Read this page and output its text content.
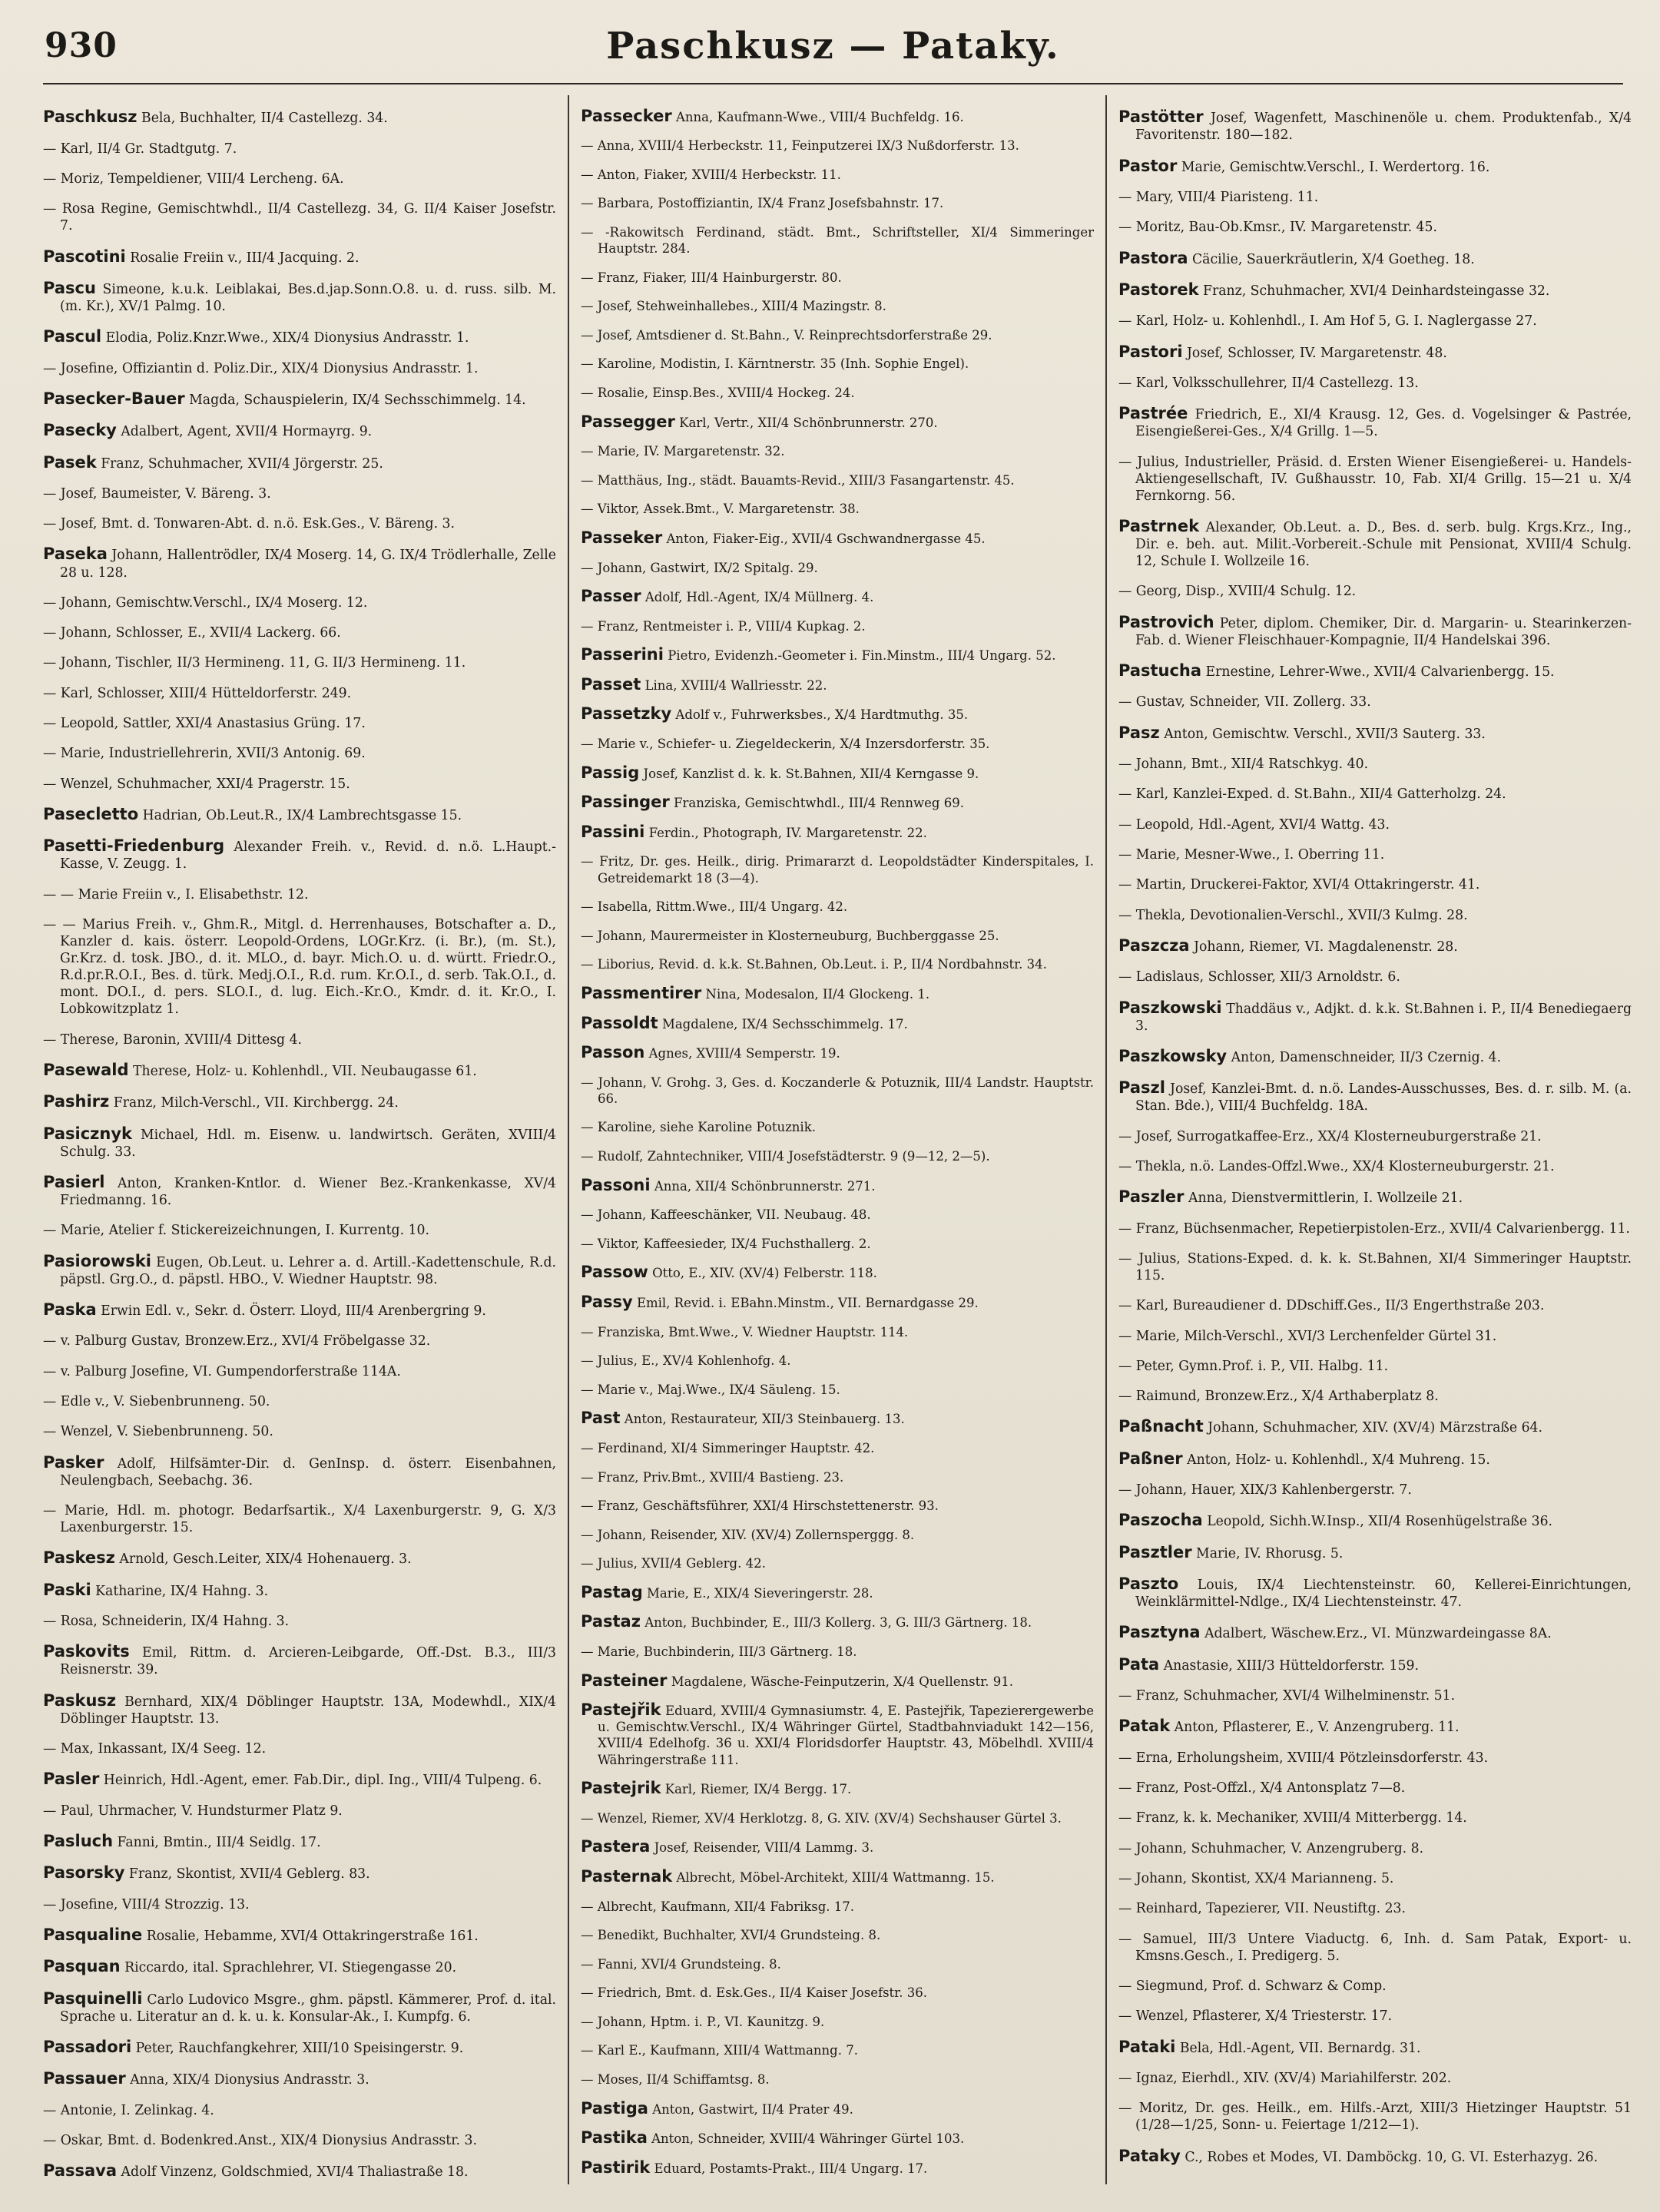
930	Paschkusz — Pataky.

Paschkusz Bela, Buchhalter, II/4 Castellezg. 34.

— Karl, II/4 Gr. Stadtgutg. 7.

— Moriz, Tempeldiener, VIII/4 Lercheng. 6A.

— Rosa Regine, Gemischtwhdl., II/4 Castellezg. 34, G. II/4 Kaiser Josefstr. 7.

Pascotini Rosalie Freiin v., III/4 Jacquing. 2.

Pascu Simeone, k.u.k. Leiblakai, Bes.d.jap.Sonn.O.8. u. d. russ. silb. M. (m. Kr.), XV/1 Palmg. 10.

Pascul Elodia, Poliz.Knzr.Wwe., XIX/4 Dionysius Andrasstr. 1.

— Josefine, Offiziantin d. Poliz.Dir., XIX/4 Dionysius Andrasstr. 1.

Pasecker-Bauer Magda, Schauspielerin, IX/4 Sechsschimmelg. 14.

Pasecky Adalbert, Agent, XVII/4 Hormayrg. 9.

Pasek Franz, Schuhmacher, XVII/4 Jörgerstr. 25.

— Josef, Baumeister, V. Bäreng. 3.

— Josef, Bmt. d. Tonwaren-Abt. d. n.ö. Esk.Ges., V. Bäreng. 3.

Paseka Johann, Hallentrödler, IX/4 Moserg. 14, G. IX/4 Trödlerhalle, Zelle 28 u. 128.

— Johann, Gemischtw.Verschl., IX/4 Moserg. 12.

— Johann, Schlosser, E., XVII/4 Lackerg. 66.

— Johann, Tischler, II/3 Hermineng. 11, G. II/3 Hermineng. 11.

— Karl, Schlosser, XIII/4 Hütteldorferstr. 249.

— Leopold, Sattler, XXI/4 Anastasius Grüng. 17.

— Marie, Industriellehrerin, XVII/3 Antonig. 69.

— Wenzel, Schuhmacher, XXI/4 Pragerstr. 15.

Pasecletto Hadrian, Ob.Leut.R., IX/4 Lambrechtsgasse 15.

Pasetti-Friedenburg Alexander Freih. v., Revid. d. n.ö. L.Haupt.-Kasse, V. Zeugg. 1.

— — Marie Freiin v., I. Elisabethstr. 12.

— — Marius Freih. v., Ghm.R., Mitgl. d. Herrenhauses, Botschafter a. D., Kanzler d. kais. österr. Leopold-Ordens, LOGr.Krz. (i. Br.), (m. St.), Gr.Krz. d. tosk. JBO., d. it. MLO., d. bayr. Mich.O. u. d. württ. Friedr.O., R.d.pr.R.O.I., Bes. d. türk. Medj.O.I., R.d. rum. Kr.O.I., d. serb. Tak.O.I., d. mont. DO.I., d. pers. SLO.I., d. lug. Eich.-Kr.O., Kmdr. d. it. Kr.O., I. Lobkowitzplatz 1.

— Therese, Baronin, XVIII/4 Dittesg 4.

Pasewald Therese, Holz- u. Kohlenhdl., VII. Neubaugasse 61.

Pashirz Franz, Milch-Verschl., VII. Kirchbergg. 24.

Pasicznyk Michael, Hdl. m. Eisenw. u. landwirtsch. Geräten, XVIII/4 Schulg. 33.

Pasierl Anton, Kranken-Kntlor. d. Wiener Bez.-Krankenkasse, XV/4 Friedmanng. 16.

— Marie, Atelier f. Stickereizeichnungen, I. Kurrentg. 10.

Pasiorowski Eugen, Ob.Leut. u. Lehrer a. d. Artill.-Kadettenschule, R.d. päpstl. Grg.O., d. päpstl. HBO., V. Wiedner Hauptstr. 98.

Paska Erwin Edl. v., Sekr. d. Österr. Lloyd, III/4 Arenbergring 9.

— v. Palburg Gustav, Bronzew.Erz., XVI/4 Fröbelgasse 32.

— v. Palburg Josefine, VI. Gumpendorferstraße 114A.

— Edle v., V. Siebenbrunneng. 50.

— Wenzel, V. Siebenbrunneng. 50.

Pasker Adolf, Hilfsämter-Dir. d. GenInsp. d. österr. Eisenbahnen, Neulengbach, Seebachg. 36.

— Marie, Hdl. m. photogr. Bedarfsartik., X/4 Laxenburgerstr. 9, G. X/3 Laxenburgerstr. 15.

Paskesz Arnold, Gesch.Leiter, XIX/4 Hohenauerg. 3.

Paski Katharine, IX/4 Hahng. 3.

— Rosa, Schneiderin, IX/4 Hahng. 3.

Paskovits Emil, Rittm. d. Arcieren-Leibgarde, Off.-Dst. B.3., III/3 Reisnerstr. 39.

Paskusz Bernhard, XIX/4 Döblinger Hauptstr. 13A, Modewhdl., XIX/4 Döblinger Hauptstr. 13.

— Max, Inkassant, IX/4 Seeg. 12.

Pasler Heinrich, Hdl.-Agent, emer. Fab.Dir., dipl. Ing., VIII/4 Tulpeng. 6.

— Paul, Uhrmacher, V. Hundsturmer Platz 9.

Pasluch Fanni, Bmtin., III/4 Seidlg. 17.

Pasorsky Franz, Skontist, XVII/4 Geblerg. 83.

— Josefine, VIII/4 Strozzig. 13.

Pasqualine Rosalie, Hebamme, XVI/4 Ottakringerstraße 161.

Pasquan Riccardo, ital. Sprachlehrer, VI. Stiegengasse 20.

Pasquinelli Carlo Ludovico Msgre., ghm. päpstl. Kämmerer, Prof. d. ital. Sprache u. Literatur an d. k. u. k. Konsular-Ak., I. Kumpfg. 6.

Passadori Peter, Rauchfangkehrer, XIII/10 Speisingerstr. 9.

Passauer Anna, XIX/4 Dionysius Andrasstr. 3.

— Antonie, I. Zelinkag. 4.

— Oskar, Bmt. d. Bodenkred.Anst., XIX/4 Dionysius Andrasstr. 3.

Passava Adolf Vinzenz, Goldschmied, XVI/4 Thaliastraße 18.

Passecker Anna, Kaufmann-Wwe., VIII/4 Buchfeldg. 16.

— Anna, XVIII/4 Herbeckstr. 11, Feinputzerei IX/3 Nußdorferstr. 13.

— Anton, Fiaker, XVIII/4 Herbeckstr. 11.

— Barbara, Postoffiziantin, IX/4 Franz Josefsbahnstr. 17.

— -Rakowitsch Ferdinand, städt. Bmt., Schriftsteller, XI/4 Simmeringer Hauptstr. 284.

— Franz, Fiaker, III/4 Hainburgerstr. 80.

— Josef, Stehweinhallebes., XIII/4 Mazingstr. 8.

— Josef, Amtsdiener d. St.Bahn., V. Reinprechtsdorferstraße 29.

— Karoline, Modistin, I. Kärntnerstr. 35 (Inh. Sophie Engel).

— Rosalie, Einsp.Bes., XVIII/4 Hockeg. 24.

Passegger Karl, Vertr., XII/4 Schönbrunnerstr. 270.

— Marie, IV. Margaretenstr. 32.

— Matthäus, Ing., städt. Bauamts-Revid., XIII/3 Fasangartenstr. 45.

— Viktor, Assek.Bmt., V. Margaretenstr. 38.

Passeker Anton, Fiaker-Eig., XVII/4 Gschwandnergasse 45.

— Johann, Gastwirt, IX/2 Spitalg. 29.

Passer Adolf, Hdl.-Agent, IX/4 Müllnerg. 4.

— Franz, Rentmeister i. P., VIII/4 Kupkag. 2.

Passerini Pietro, Evidenzh.-Geometer i. Fin.Minstm., III/4 Ungarg. 52.

Passet Lina, XVIII/4 Wallriesstr. 22.

Passetzky Adolf v., Fuhrwerksbes., X/4 Hardtmuthg. 35.

— Marie v., Schiefer- u. Ziegeldeckerin, X/4 Inzersdorferstr. 35.

Passig Josef, Kanzlist d. k. k. St.Bahnen, XII/4 Kerngasse 9.

Passinger Franziska, Gemischtwhdl., III/4 Rennweg 69.

Passini Ferdin., Photograph, IV. Margaretenstr. 22.

— Fritz, Dr. ges. Heilk., dirig. Primararzt d. Leopoldstädter Kinderspitales, I. Getreidemarkt 18 (3—4).

— Isabella, Rittm.Wwe., III/4 Ungarg. 42.

— Johann, Maurermeister in Klosterneuburg, Buchberggasse 25.

— Liborius, Revid. d. k.k. St.Bahnen, Ob.Leut. i. P., II/4 Nordbahnstr. 34.

Passmentirer Nina, Modesalon, II/4 Glockeng. 1.

Passoldt Magdalene, IX/4 Sechsschimmelg. 17.

Passon Agnes, XVIII/4 Semperstr. 19.

— Johann, V. Grohg. 3, Ges. d. Koczanderle & Potuznik, III/4 Landstr. Hauptstr. 66.

— Karoline, siehe Karoline Potuznik.

— Rudolf, Zahntechniker, VIII/4 Josefstädterstr. 9 (9—12, 2—5).

Passoni Anna, XII/4 Schönbrunnerstr. 271.

— Johann, Kaffeeschänker, VII. Neubaug. 48.

— Viktor, Kaffeesieder, IX/4 Fuchsthallerg. 2.

Passow Otto, E., XIV. (XV/4) Felberstr. 118.

Passy Emil, Revid. i. EBahn.Minstm., VII. Bernardgasse 29.

— Franziska, Bmt.Wwe., V. Wiedner Hauptstr. 114.

— Julius, E., XV/4 Kohlenhofg. 4.

— Marie v., Maj.Wwe., IX/4 Säuleng. 15.

Past Anton, Restaurateur, XII/3 Steinbauerg. 13.

— Ferdinand, XI/4 Simmeringer Hauptstr. 42.

— Franz, Priv.Bmt., XVIII/4 Bastieng. 23.

— Franz, Geschäftsführer, XXI/4 Hirschstettenerstr. 93.

— Johann, Reisender, XIV. (XV/4) Zollernsperggg. 8.

— Julius, XVII/4 Geblerg. 42.

Pastag Marie, E., XIX/4 Sieveringerstr. 28.

Pastaz Anton, Buchbinder, E., III/3 Kollerg. 3, G. III/3 Gärtnerg. 18.

— Marie, Buchbinderin, III/3 Gärtnerg. 18.

Pasteiner Magdalene, Wäsche-Feinputzerin, X/4 Quellenstr. 91.

Pastejřik Eduard, XVIII/4 Gymnasiumstr. 4, E. Pastejřik, Tapezierergewerbe u. Gemischtw.Verschl., IX/4 Währinger Gürtel, Stadtbahnviadukt 142—156, XVIII/4 Edelhofg. 36 u. XXI/4 Floridsdorfer Hauptstr. 43, Möbelhdl. XVIII/4 Währingerstraße 111.

Pastejrik Karl, Riemer, IX/4 Bergg. 17.

— Wenzel, Riemer, XV/4 Herklotzg. 8, G. XIV. (XV/4) Sechshauser Gürtel 3.

Pastera Josef, Reisender, VIII/4 Lammg. 3.

Pasternak Albrecht, Möbel-Architekt, XIII/4 Wattmanng. 15.

— Albrecht, Kaufmann, XII/4 Fabriksg. 17.

— Benedikt, Buchhalter, XVI/4 Grundsteing. 8.

— Fanni, XVI/4 Grundsteing. 8.

— Friedrich, Bmt. d. Esk.Ges., II/4 Kaiser Josefstr. 36.

— Johann, Hptm. i. P., VI. Kaunitzg. 9.

— Karl E., Kaufmann, XIII/4 Wattmanng. 7.

— Moses, II/4 Schiffamtsg. 8.

Pastiga Anton, Gastwirt, II/4 Prater 49.

Pastika Anton, Schneider, XVIII/4 Währinger Gürtel 103.

Pastirik Eduard, Postamts-Prakt., III/4 Ungarg. 17.

Pastötter Josef, Wagenfett, Maschinenöle u. chem. Produktenfab., X/4 Favoritenstr. 180—182.

Pastor Marie, Gemischtw.Verschl., I. Werdertorg. 16.

— Mary, VIII/4 Piaristeng. 11.

— Moritz, Bau-Ob.Kmsr., IV. Margaretenstr. 45.

Pastora Cäcilie, Sauerkräutlerin, X/4 Goetheg. 18.

Pastorek Franz, Schuhmacher, XVI/4 Deinhardsteingasse 32.

— Karl, Holz- u. Kohlenhdl., I. Am Hof 5, G. I. Naglergasse 27.

Pastori Josef, Schlosser, IV. Margaretenstr. 48.

— Karl, Volksschullehrer, II/4 Castellezg. 13.

Pastrée Friedrich, E., XI/4 Krausg. 12, Ges. d. Vogelsinger & Pastrée, Eisengießerei-Ges., X/4 Grillg. 1—5.

— Julius, Industrieller, Präsid. d. Ersten Wiener Eisengießerei- u. Handels-Aktiengesellschaft, IV. Gußhausstr. 10, Fab. XI/4 Grillg. 15—21 u. X/4 Fernkorng. 56.

Pastrnek Alexander, Ob.Leut. a. D., Bes. d. serb. bulg. Krgs.Krz., Ing., Dir. e. beh. aut. Milit.-Vorbereit.-Schule mit Pensionat, XVIII/4 Schulg. 12, Schule I. Wollzeile 16.

— Georg, Disp., XVIII/4 Schulg. 12.

Pastrovich Peter, diplom. Chemiker, Dir. d. Margarin- u. Stearinkerzen-Fab. d. Wiener Fleischhauer-Kompagnie, II/4 Handelskai 396.

Pastucha Ernestine, Lehrer-Wwe., XVII/4 Calvarienbergg. 15.

— Gustav, Schneider, VII. Zollerg. 33.

Pasz Anton, Gemischtw. Verschl., XVII/3 Sauterg. 33.

— Johann, Bmt., XII/4 Ratschkyg. 40.

— Karl, Kanzlei-Exped. d. St.Bahn., XII/4 Gatterholzg. 24.

— Leopold, Hdl.-Agent, XVI/4 Wattg. 43.

— Marie, Mesner-Wwe., I. Oberring 11.

— Martin, Druckerei-Faktor, XVI/4 Ottakringerstr. 41.

— Thekla, Devotionalien-Verschl., XVII/3 Kulmg. 28.

Paszcza Johann, Riemer, VI. Magdalenenstr. 28.

— Ladislaus, Schlosser, XII/3 Arnoldstr. 6.

Paszkowski Thaddäus v., Adjkt. d. k.k. St.Bahnen i. P., II/4 Benediegaerg 3.

Paszkowsky Anton, Damenschneider, II/3 Czernig. 4.

Paszl Josef, Kanzlei-Bmt. d. n.ö. Landes-Ausschusses, Bes. d. r. silb. M. (a. Stan. Bde.), VIII/4 Buchfeldg. 18A.

— Josef, Surrogatkaffee-Erz., XX/4 Klosterneuburgerstraße 21.

— Thekla, n.ö. Landes-Offzl.Wwe., XX/4 Klosterneuburgerstr. 21.

Paszler Anna, Dienstvermittlerin, I. Wollzeile 21.

— Franz, Büchsenmacher, Repetierpistolen-Erz., XVII/4 Calvarienbergg. 11.

— Julius, Stations-Exped. d. k. k. St.Bahnen, XI/4 Simmeringer Hauptstr. 115.

— Karl, Bureaudiener d. DDschiff.Ges., II/3 Engerthstraße 203.

— Marie, Milch-Verschl., XVI/3 Lerchenfelder Gürtel 31.

— Peter, Gymn.Prof. i. P., VII. Halbg. 11.

— Raimund, Bronzew.Erz., X/4 Arthaberplatz 8.

Paßnacht Johann, Schuhmacher, XIV. (XV/4) Märzstraße 64.

Paßner Anton, Holz- u. Kohlenhdl., X/4 Muhreng. 15.

— Johann, Hauer, XIX/3 Kahlenbergerstr. 7.

Paszocha Leopold, Sichh.W.Insp., XII/4 Rosenhügelstraße 36.

Pasztler Marie, IV. Rhorusg. 5.

Paszto Louis, IX/4 Liechtensteinstr. 60, Kellerei-Einrichtungen, Weinklärmittel-Ndlge., IX/4 Liechtensteinstr. 47.

Pasztyna Adalbert, Wäschew.Erz., VI. Münzwardeingasse 8A.

Pata Anastasie, XIII/3 Hütteldorferstr. 159.

— Franz, Schuhmacher, XVI/4 Wilhelminenstr. 51.

Patak Anton, Pflasterer, E., V. Anzengruberg. 11.

— Erna, Erholungsheim, XVIII/4 Pötzleinsdorferstr. 43.

— Franz, Post-Offzl., X/4 Antonsplatz 7—8.

— Franz, k. k. Mechaniker, XVIII/4 Mitterbergg. 14.

— Johann, Schuhmacher, V. Anzengruberg. 8.

— Johann, Skontist, XX/4 Marianneng. 5.

— Reinhard, Tapezierer, VII. Neustiftg. 23.

— Samuel, III/3 Untere Viaductg. 6, Inh. d. Sam Patak, Export- u. Kmsns.Gesch., I. Predigerg. 5.

— Siegmund, Prof. d. Schwarz & Comp.

— Wenzel, Pflasterer, X/4 Triesterstr. 17.

Pataki Bela, Hdl.-Agent, VII. Bernardg. 31.

— Ignaz, Eierhdl., XIV. (XV/4) Mariahilferstr. 202.

— Moritz, Dr. ges. Heilk., em. Hilfs.-Arzt, XIII/3 Hietzinger Hauptstr. 51 (1/28—1/25, Sonn- u. Feiertage 1/212—1).

Pataky C., Robes et Modes, VI. Damböckg. 10, G. VI. Esterhazyg. 26.
